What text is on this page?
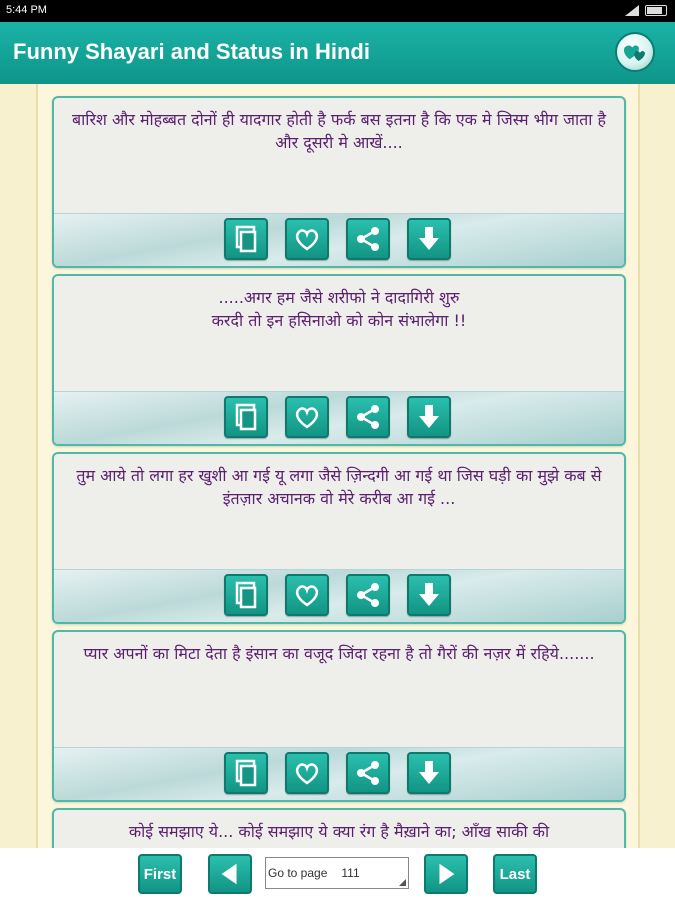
5:44 PM
Funny Shayari and Status in Hindi
बारिश और मोहब्बत दोनों ही यादगार होती है फर्क बस इतना है कि एक मे जिस्म भीग जाता है और दूसरी मे आखें....
.....अगर हम जैसे शरीफो ने दादागिरी शुरु करदी तो इन हसिनाओ को कोन संभालेगा !!
तुम आये तो लगा हर खुशी आ गई यू लगा जैसे ज़िन्दगी आ गई था जिस घड़ी का मुझे कब से इंतज़ार अचानक वो मेरे करीब आ गई ...
प्यार अपनों का मिटा देता है इंसान का वजूद जिंदा रहना है तो गैरों की नज़र में रहिये.......
कोई समझाए ये... कोई समझाए ये क्या रंग है मैख़ाने का; आँख साकी की
First	Go to page 111	Last
